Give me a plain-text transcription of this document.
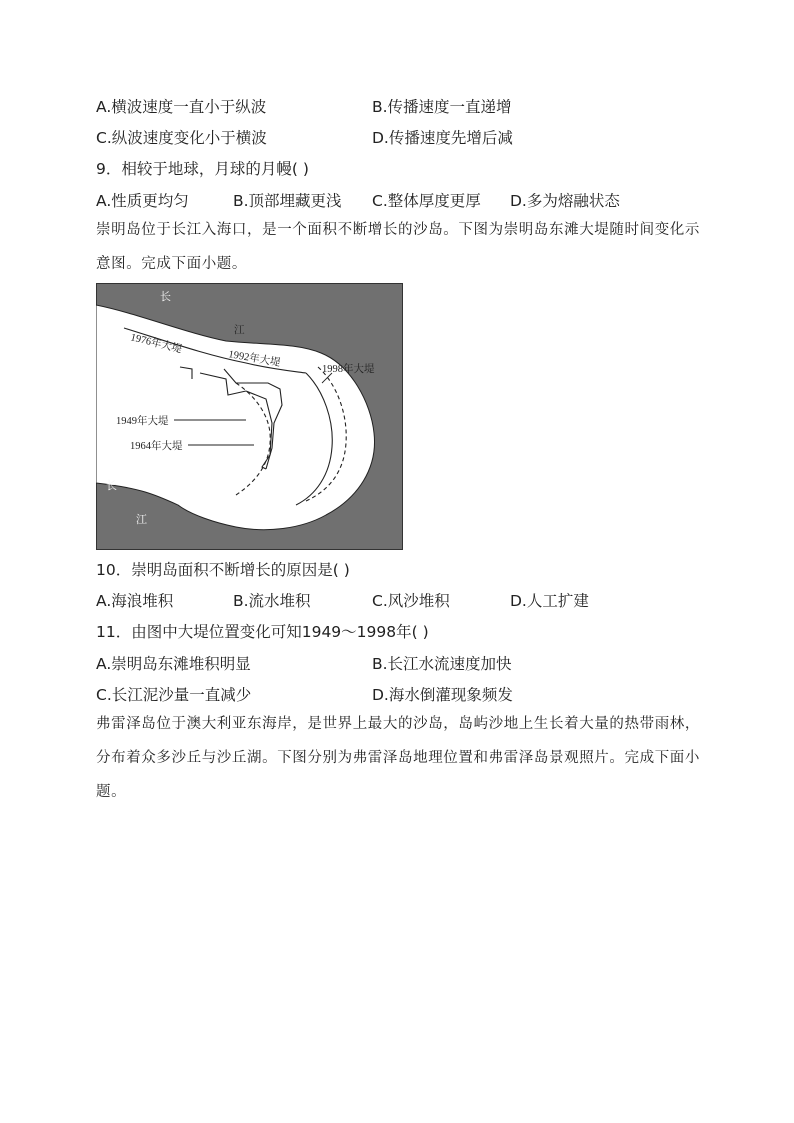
A.横波速度一直小于纵波	B.传播速度一直递增
C.纵波速度变化小于横波	D.传播速度先增后减
9．相较于地球，月球的月幔( )
A.性质更均匀	B.顶部埋藏更浅 C.整体厚度更厚 D.多为熔融状态
崇明岛位于长江入海口，是一个面积不断增长的沙岛。下图为崇明岛东滩大堤随时间变化示意图。完成下面小题。
长
长
江
江
1976年大堤
1992年大堤
1998年大堤
1949年大堤
1964年大堤
10．崇明岛面积不断增长的原因是( )
A.海浪堆积	B.流水堆积	C.风沙堆积	D.人工扩建
11．由图中大堤位置变化可知1949～1998年( )
A.崇明岛东滩堆积明显	B.长江水流速度加快
C.长江泥沙量一直减少	D.海水倒灌现象频发
弗雷泽岛位于澳大利亚东海岸，是世界上最大的沙岛，岛屿沙地上生长着大量的热带雨林，分布着众多沙丘与沙丘湖。下图分别为弗雷泽岛地理位置和弗雷泽岛景观照片。完成下面小题。
